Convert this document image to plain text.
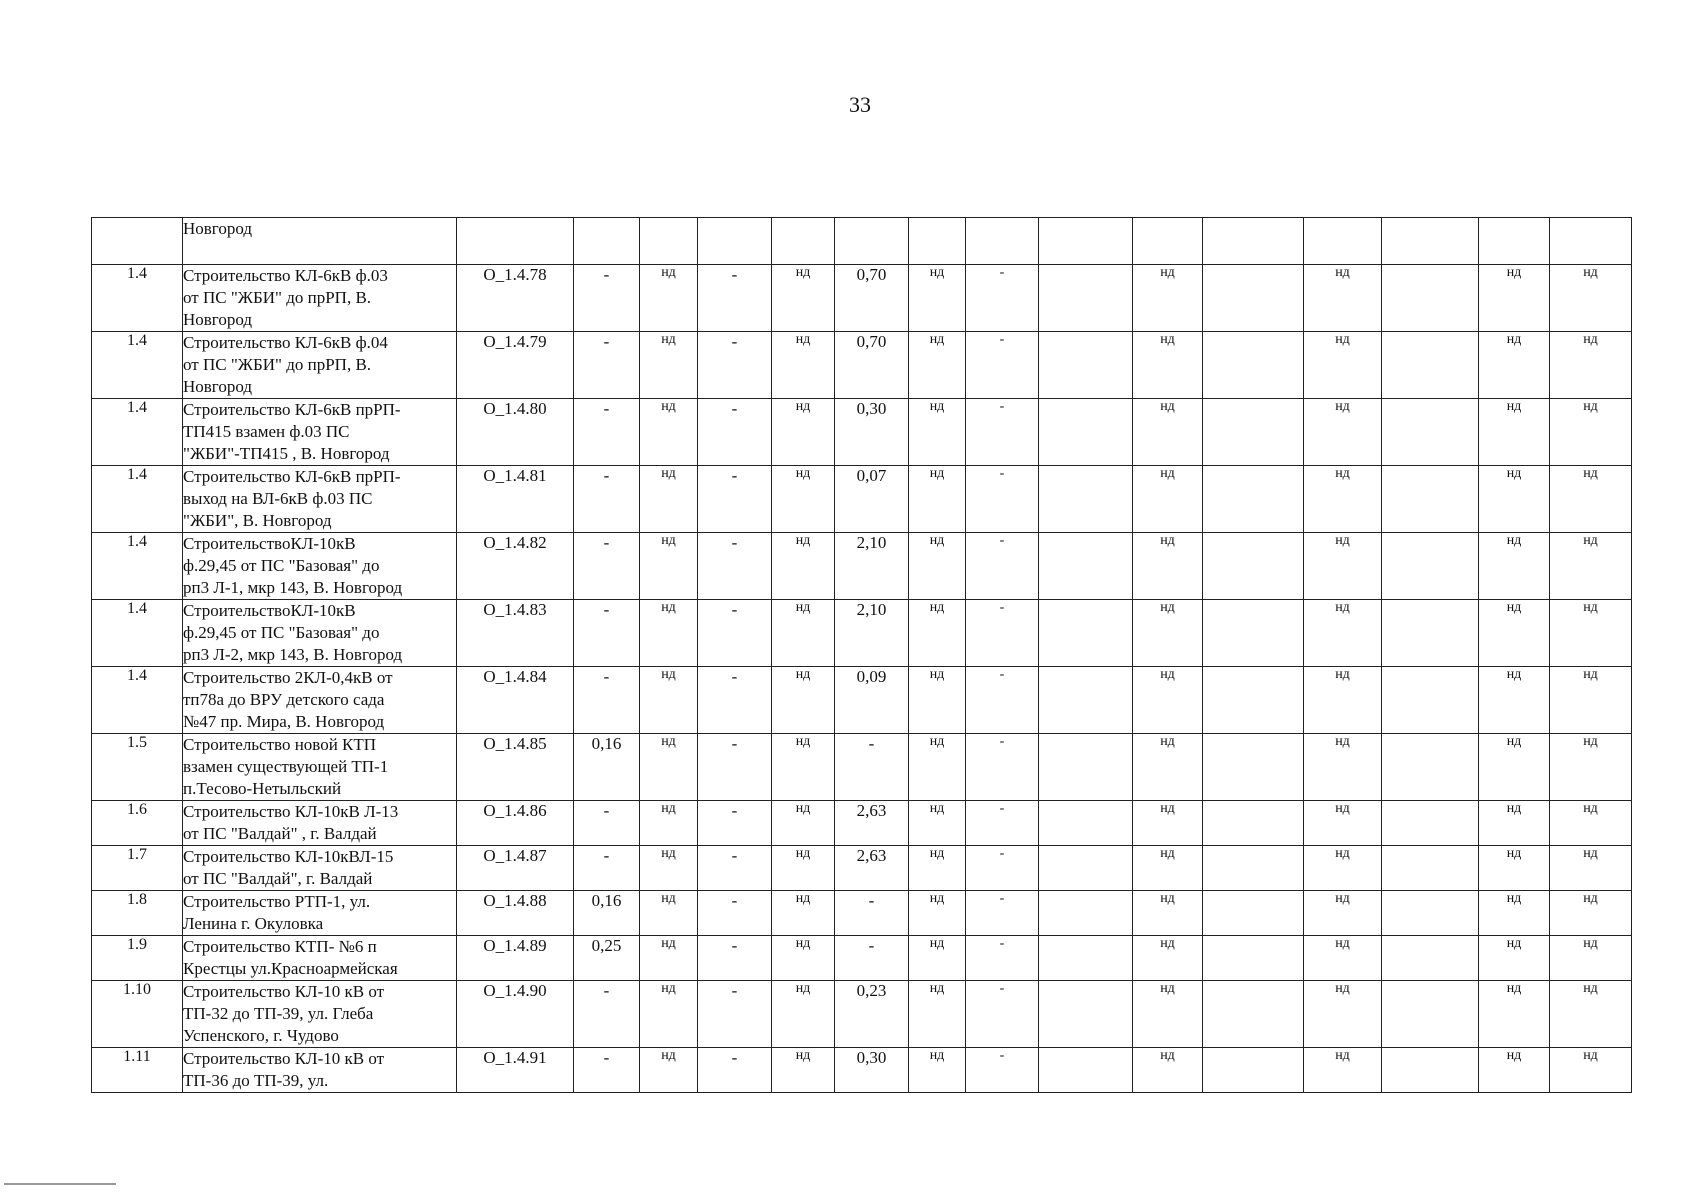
33
	Новгород															
1.4	Строительство КЛ-6кВ ф.03
от ПС "ЖБИ" до прРП, В.
Новгород	О_1.4.78	-	нд	-	нд	0,70	нд	-		нд		нд		нд	нд
1.4	Строительство КЛ-6кВ ф.04
от ПС "ЖБИ" до прРП, В.
Новгород	О_1.4.79	-	нд	-	нд	0,70	нд	-		нд		нд		нд	нд
1.4	Строительство КЛ-6кВ прРП-
ТП415 взамен ф.03 ПС
"ЖБИ"-ТП415 , В. Новгород	О_1.4.80	-	нд	-	нд	0,30	нд	-		нд		нд		нд	нд
1.4	Строительство КЛ-6кВ прРП-
выход на ВЛ-6кВ ф.03 ПС
"ЖБИ", В. Новгород	О_1.4.81	-	нд	-	нд	0,07	нд	-		нд		нд		нд	нд
1.4	СтроительствоКЛ-10кВ
ф.29,45 от ПС "Базовая" до
рп3 Л-1, мкр 143, В. Новгород	О_1.4.82	-	нд	-	нд	2,10	нд	-		нд		нд		нд	нд
1.4	СтроительствоКЛ-10кВ
ф.29,45 от ПС "Базовая" до
рп3 Л-2, мкр 143, В. Новгород	О_1.4.83	-	нд	-	нд	2,10	нд	-		нд		нд		нд	нд
1.4	Строительство 2КЛ-0,4кВ от
тп78а до ВРУ детского сада
№47 пр. Мира, В. Новгород	О_1.4.84	-	нд	-	нд	0,09	нд	-		нд		нд		нд	нд
1.5	Строительство новой КТП
взамен существующей ТП-1
п.Тесово-Нетыльский	О_1.4.85	0,16	нд	-	нд	-	нд	-		нд		нд		нд	нд
1.6	Строительство КЛ-10кВ Л-13
от ПС "Валдай" , г. Валдай	О_1.4.86	-	нд	-	нд	2,63	нд	-		нд		нд		нд	нд
1.7	Строительство КЛ-10кВЛ-15
от ПС "Валдай", г. Валдай	О_1.4.87	-	нд	-	нд	2,63	нд	-		нд		нд		нд	нд
1.8	Строительство РТП-1, ул.
Ленина г. Окуловка	О_1.4.88	0,16	нд	-	нд	-	нд	-		нд		нд		нд	нд
1.9	Строительство КТП- №6 п
Крестцы ул.Красноармейская	О_1.4.89	0,25	нд	-	нд	-	нд	-		нд		нд		нд	нд
1.10	Строительство КЛ-10 кВ от
ТП-32 до ТП-39, ул. Глеба
Успенского, г. Чудово	О_1.4.90	-	нд	-	нд	0,23	нд	-		нд		нд		нд	нд
1.11	Строительство КЛ-10 кВ от
ТП-36 до ТП-39, ул.	О_1.4.91	-	нд	-	нд	0,30	нд	-		нд		нд		нд	нд
